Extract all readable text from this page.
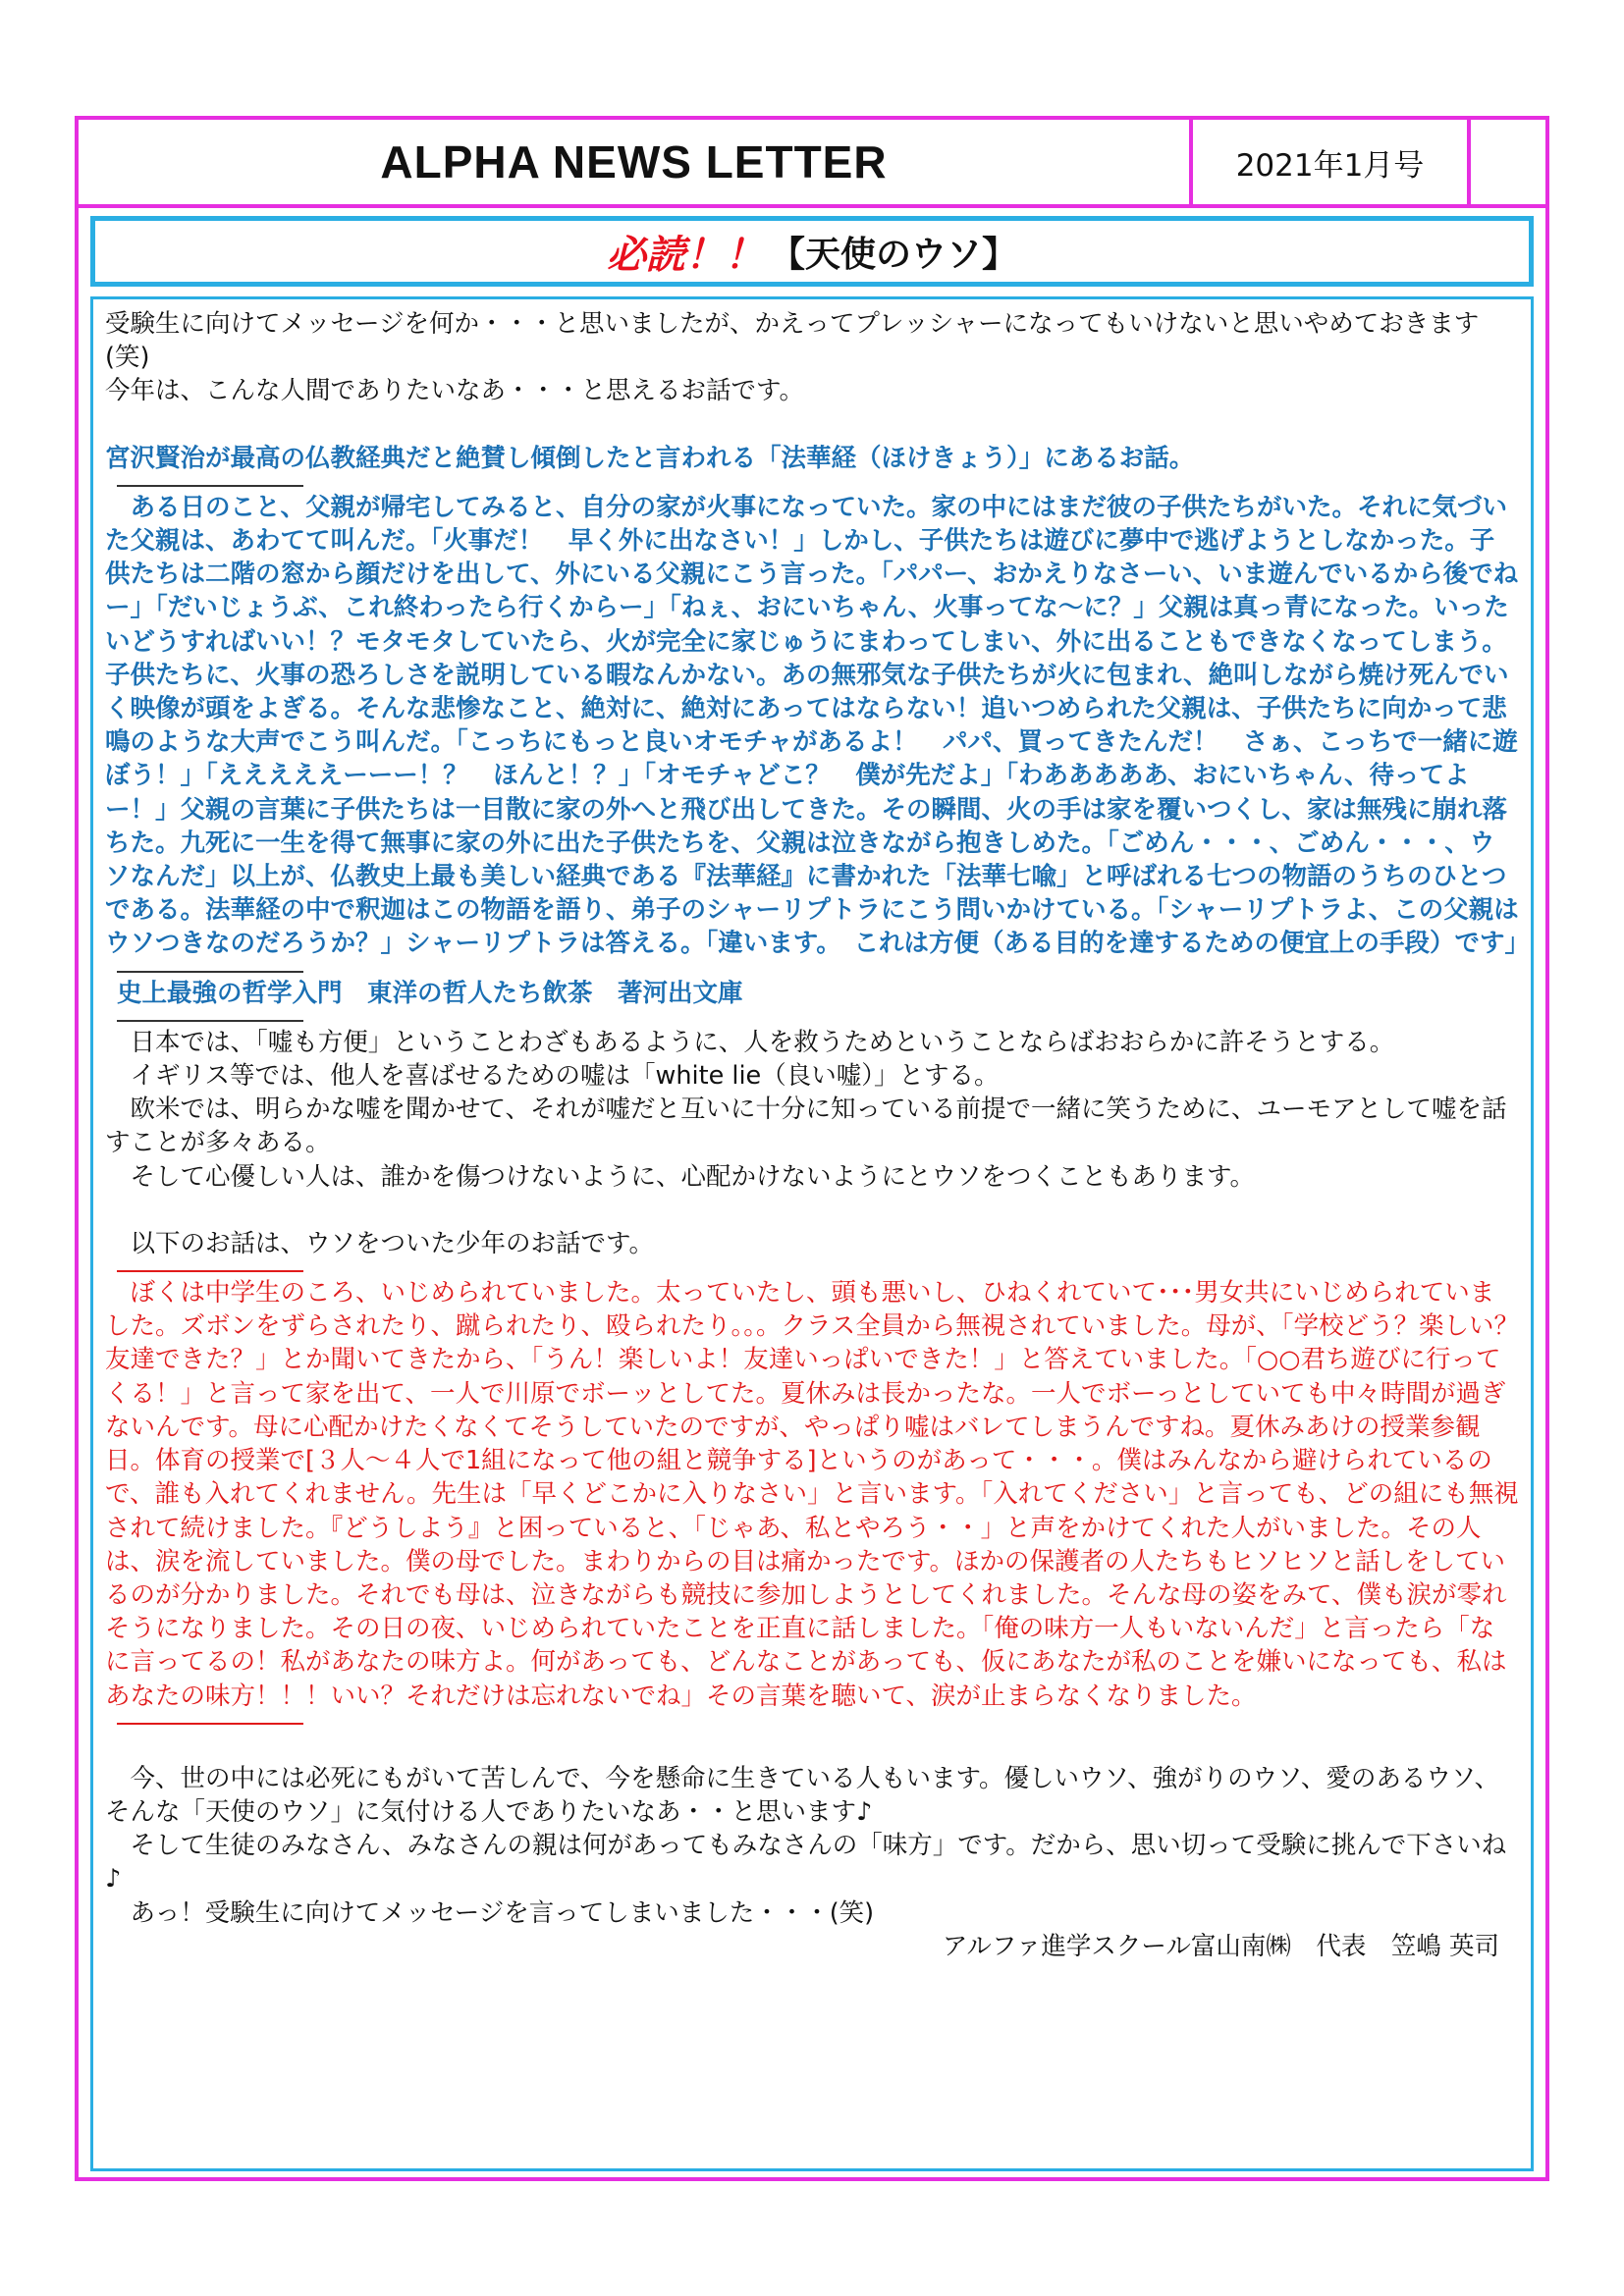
ALPHA NEWS LETTER	2021年1月号
必読！！ 【天使のウソ】

受験生に向けてメッセージを何か・・・と思いましたが、かえってプレッシャーになってもいけないと思いやめておきます(笑)

今年は、こんな人間でありたいなあ・・・と思えるお話です。

宮沢賢治が最高の仏教経典だと絶賛し傾倒したと言われる「法華経（ほけきょう）」にあるお話。

ある日のこと、父親が帰宅してみると、自分の家が火事になっていた。家の中にはまだ彼の子供たちがいた。それに気づいた父親は、あわてて叫んだ。「火事だ！　早く外に出なさい！」しかし、子供たちは遊びに夢中で逃げようとしなかった。子供たちは二階の窓から顔だけを出して、外にいる父親にこう言った。「パパー、おかえりなさーい、いま遊んでいるから後でねー」「だいじょうぶ、これ終わったら行くからー」「ねぇ、おにいちゃん、火事ってな～に？」父親は真っ青になった。いったいどうすればいい！？モタモタしていたら、火が完全に家じゅうにまわってしまい、外に出ることもできなくなってしまう。子供たちに、火事の恐ろしさを説明している暇なんかない。あの無邪気な子供たちが火に包まれ、絶叫しながら焼け死んでいく映像が頭をよぎる。そんな悲惨なこと、絶対に、絶対にあってはならない！追いつめられた父親は、子供たちに向かって悲鳴のような大声でこう叫んだ。「こっちにもっと良いオモチャがあるよ！　パパ、買ってきたんだ！　さぁ、こっちで一緒に遊ぼう！」「えええええーーー！？　ほんと！？」「オモチャどこ？　僕が先だよ」「わあああああ、おにいちゃん、待ってよー！」父親の言葉に子供たちは一目散に家の外へと飛び出してきた。その瞬間、火の手は家を覆いつくし、家は無残に崩れ落ちた。九死に一生を得て無事に家の外に出た子供たちを、父親は泣きながら抱きしめた。「ごめん・・・、ごめん・・・、ウソなんだ」以上が、仏教史上最も美しい経典である『法華経』に書かれた「法華七喩」と呼ばれる七つの物語のうちのひとつである。法華経の中で釈迦はこの物語を語り、弟子のシャーリプトラにこう問いかけている。「シャーリプトラよ、この父親はウソつきなのだろうか？」シャーリプトラは答える。「違います。　これは方便（ある目的を達するための便宜上の手段）です」

史上最強の哲学入門　東洋の哲人たち飲茶　著河出文庫

日本では、「嘘も方便」ということわざもあるように、人を救うためということならばおおらかに許そうとする。

イギリス等では、他人を喜ばせるための嘘は「white lie（良い嘘）」とする。

欧米では、明らかな嘘を聞かせて、それが嘘だと互いに十分に知っている前提で一緒に笑うために、ユーモアとして嘘を話すことが多々ある。

そして心優しい人は、誰かを傷つけないように、心配かけないようにとウソをつくこともあります。

以下のお話は、ウソをついた少年のお話です。

ぼくは中学生のころ、いじめられていました。太っていたし、頭も悪いし、ひねくれていて･･･男女共にいじめられていました。ズボンをずらされたり、蹴られたり、殴られたり。。。クラス全員から無視されていました。母が、「学校どう？楽しい？友達できた？」とか聞いてきたから、「うん！楽しいよ！友達いっぱいできた！」と答えていました。「○○君ち遊びに行ってくる！」と言って家を出て、一人で川原でボーッとしてた。夏休みは長かったな。一人でボーっとしていても中々時間が過ぎないんです。母に心配かけたくなくてそうしていたのですが、やっぱり嘘はバレてしまうんですね。夏休みあけの授業参観日。体育の授業で[３人～４人で1組になって他の組と競争する]というのがあって・・・。僕はみんなから避けられているので、誰も入れてくれません。先生は「早くどこかに入りなさい」と言います。「入れてください」と言っても、どの組にも無視されて続けました。『どうしよう』と困っていると、「じゃあ、私とやろう・・」と声をかけてくれた人がいました。その人は、涙を流していました。僕の母でした。まわりからの目は痛かったです。ほかの保護者の人たちもヒソヒソと話しをしているのが分かりました。それでも母は、泣きながらも競技に参加しようとしてくれました。そんな母の姿をみて、僕も涙が零れそうになりました。その日の夜、いじめられていたことを正直に話しました。「俺の味方一人もいないんだ」と言ったら「なに言ってるの！私があなたの味方よ。何があっても、どんなことがあっても、仮にあなたが私のことを嫌いになっても、私はあなたの味方！！！いい？それだけは忘れないでね」その言葉を聴いて、涙が止まらなくなりました。

今、世の中には必死にもがいて苦しんで、今を懸命に生きている人もいます。優しいウソ、強がりのウソ、愛のあるウソ、そんな「天使のウソ」に気付ける人でありたいなあ・・と思います♪

そして生徒のみなさん、みなさんの親は何があってもみなさんの「味方」です。だから、思い切って受験に挑んで下さいね♪

あっ！受験生に向けてメッセージを言ってしまいました・・・(笑)

アルファ進学スクール富山南㈱　代表　笠嶋 英司
